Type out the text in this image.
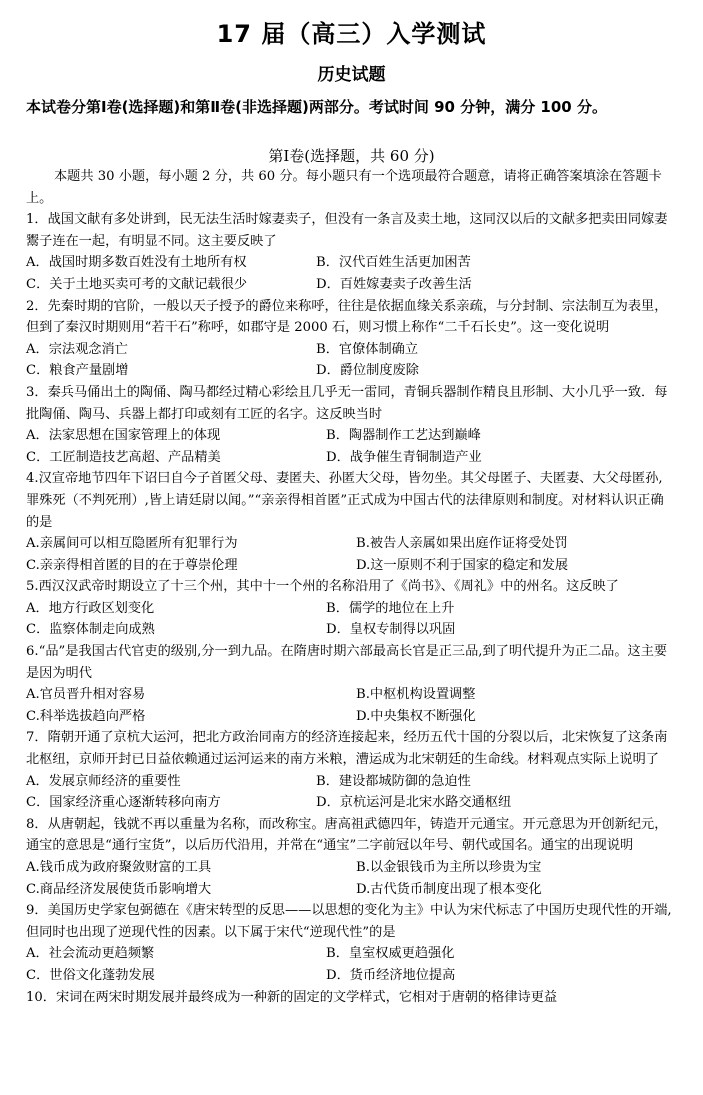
17 届（高三）入学测试
历史试题
本试卷分第Ⅰ卷(选择题)和第Ⅱ卷(非选择题)两部分。考试时间 90 分钟，满分 100 分。
第Ⅰ卷(选择题，共 60 分)

本题共 30 小题，每小题 2 分，共 60 分。每小题只有一个选项最符合题意，请将正确答案填涂在答题卡上。

1．战国文献有多处讲到，民无法生活时嫁妻卖子，但没有一条言及卖土地，这同汉以后的文献多把卖田同嫁妻鬻子连在一起，有明显不同。这主要反映了

A．战国时期多数百姓没有土地所有权	B．汉代百姓生活更加困苦
C．关于土地买卖可考的文献记载很少	D．百姓嫁妻卖子改善生活

2．先秦时期的官阶，一般以天子授予的爵位来称呼，往往是依据血缘关系亲疏，与分封制、宗法制互为表里，但到了秦汉时期则用“若干石”称呼，如郡守是 2000 石，则习惯上称作“二千石长史”。这一变化说明

A．宗法观念消亡	B．官僚体制确立
C．粮食产量剧增	D．爵位制度废除

3．秦兵马俑出土的陶俑、陶马都经过精心彩绘且几乎无一雷同，青铜兵器制作精良且形制、大小几乎一致．每批陶俑、陶马、兵器上都打印或刻有工匠的名字。这反映当时

A．法家思想在国家管理上的体现	B．陶器制作工艺达到巅峰
C．工匠制造技艺高超、产品精美	D．战争催生青铜制造产业

4.汉宣帝地节四年下诏曰自今子首匿父母、妻匿夫、孙匿大父母，皆勿坐。其父母匿子、夫匿妻、大父母匿孙,罪殊死（不判死刑）,皆上请廷尉以闻。”“亲亲得相首匿”正式成为中国古代的法律原则和制度。对材料认识正确的是

A.亲属间可以相互隐匿所有犯罪行为	B.被告人亲属如果出庭作证将受处罚
C.亲亲得相首匿的目的在于尊崇伦理	D.这一原则不利于国家的稳定和发展

5.西汉汉武帝时期设立了十三个州，其中十一个州的名称沿用了《尚书》、《周礼》中的州名。这反映了

A．地方行政区划变化	B．儒学的地位在上升
C．监察体制走向成熟	D．皇权专制得以巩固

6.“品”是我国古代官吏的级别,分一到九品。在隋唐时期六部最高长官是正三品,到了明代提升为正二品。这主要是因为明代

A.官员晋升相对容易	B.中枢机构设置调整
C.科举选拔趋向严格	D.中央集权不断强化

7．隋朝开通了京杭大运河，把北方政治同南方的经济连接起来，经历五代十国的分裂以后，北宋恢复了这条南北枢纽，京师开封已日益依赖通过运河运来的南方米粮，漕运成为北宋朝廷的生命线。材料观点实际上说明了

A．发展京师经济的重要性	B．建设都城防御的急迫性
C．国家经济重心逐渐转移向南方	D．京杭运河是北宋水路交通枢纽

8．从唐朝起，钱就不再以重量为名称，而改称宝。唐高祖武德四年，铸造开元通宝。开元意思为开创新纪元，通宝的意思是“通行宝货”，以后历代沿用，并常在“通宝”二字前冠以年号、朝代或国名。通宝的出现说明

A.钱币成为政府聚敛财富的工具	B.以金银钱币为主所以珍贵为宝
C.商品经济发展使货币影响增大	D.古代货币制度出现了根本变化

9．美国历史学家包弼德在《唐宋转型的反思——以思想的变化为主》中认为宋代标志了中国历史现代性的开端,但同时也出现了逆现代性的因素。以下属于宋代“逆现代性”的是

A．社会流动更趋频繁	B．皇室权威更趋强化
C．世俗文化蓬勃发展	D．货币经济地位提高

10．宋词在两宋时期发展并最终成为一种新的固定的文学样式，它相对于唐朝的格律诗更益
